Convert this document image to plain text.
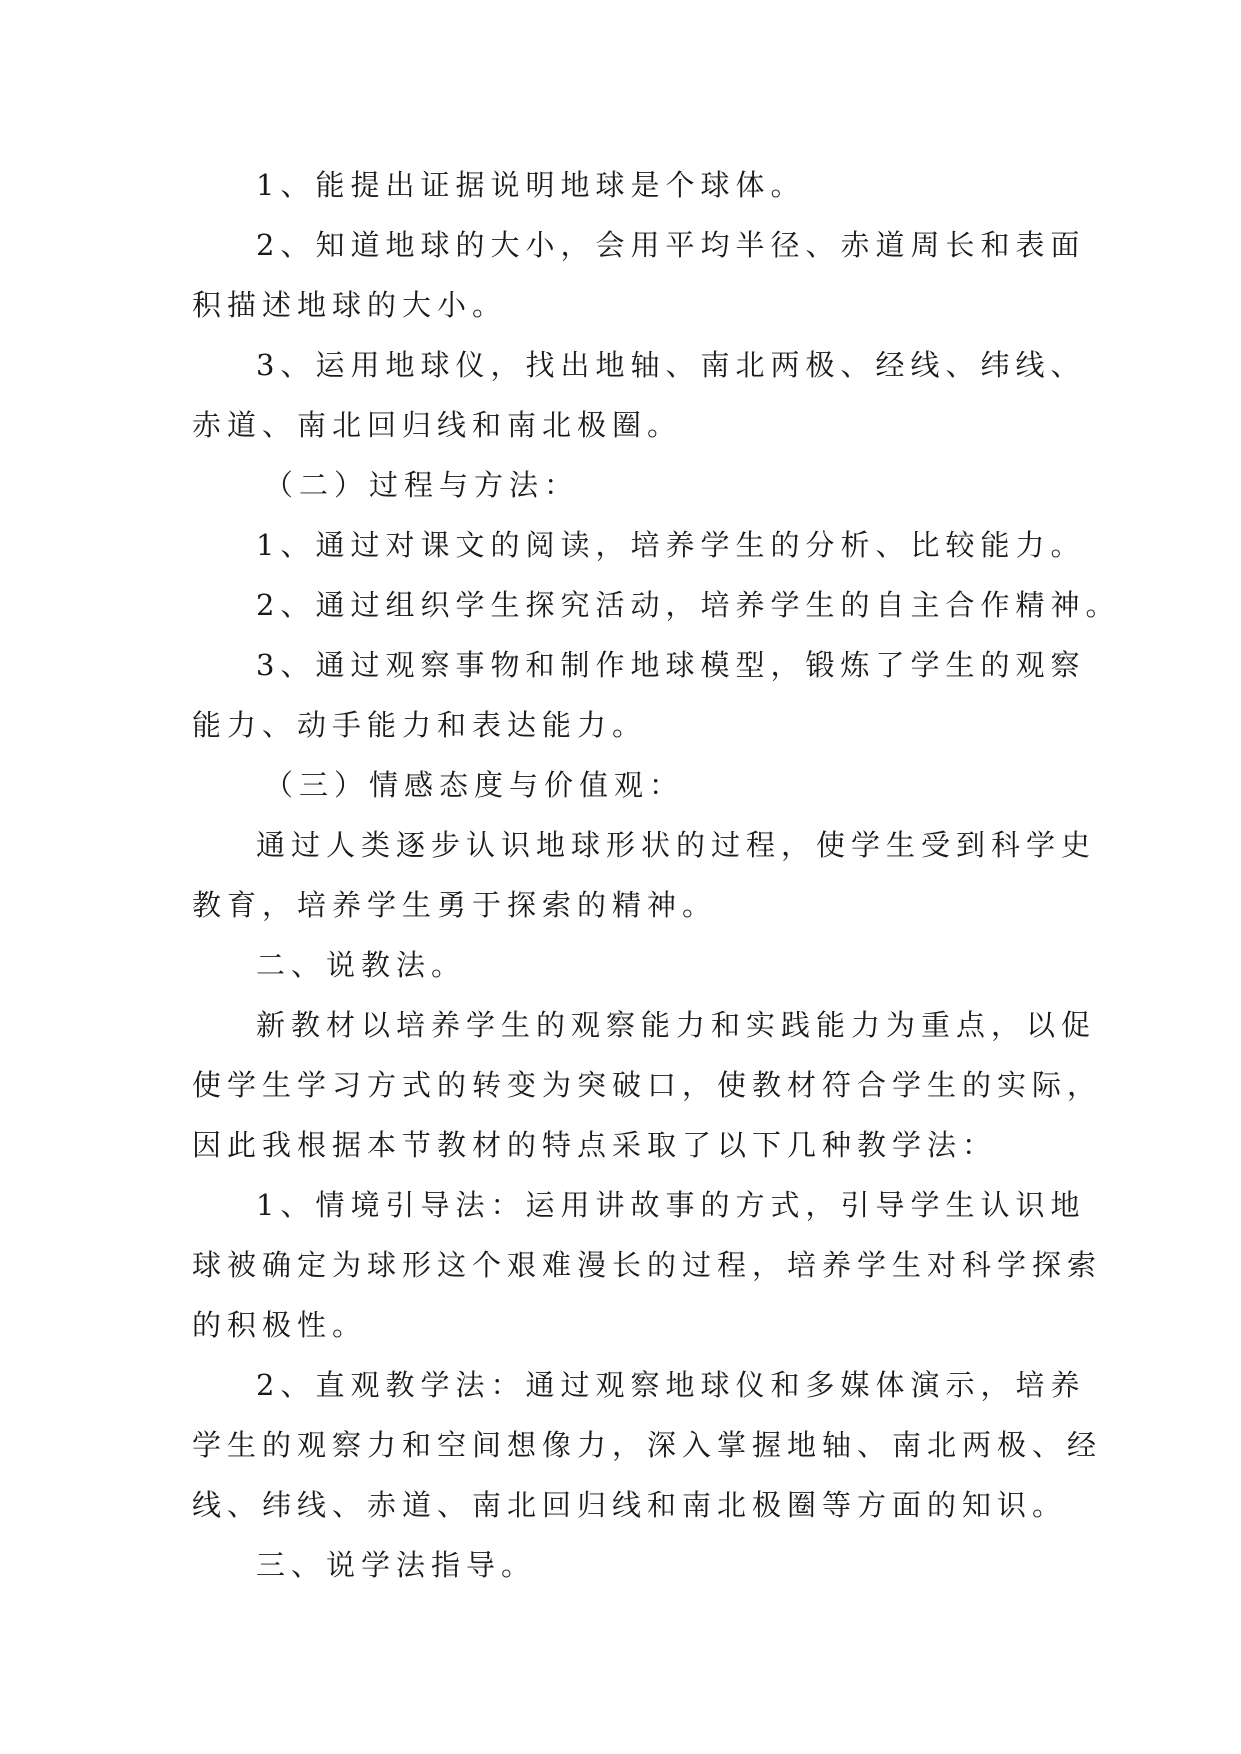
1、能提出证据说明地球是个球体。
2、知道地球的大小，会用平均半径、赤道周长和表面
积描述地球的大小。
3、运用地球仪，找出地轴、南北两极、经线、纬线、
赤道、南北回归线和南北极圈。
（二）过程与方法：
1、通过对课文的阅读，培养学生的分析、比较能力。
2、通过组织学生探究活动，培养学生的自主合作精神。
3、通过观察事物和制作地球模型，锻炼了学生的观察
能力、动手能力和表达能力。
（三）情感态度与价值观：
通过人类逐步认识地球形状的过程，使学生受到科学史
教育，培养学生勇于探索的精神。
二、说教法。
新教材以培养学生的观察能力和实践能力为重点，以促
使学生学习方式的转变为突破口，使教材符合学生的实际，
因此我根据本节教材的特点采取了以下几种教学法：
1、情境引导法：运用讲故事的方式，引导学生认识地
球被确定为球形这个艰难漫长的过程，培养学生对科学探索
的积极性。
2、直观教学法：通过观察地球仪和多媒体演示，培养
学生的观察力和空间想像力，深入掌握地轴、南北两极、经
线、纬线、赤道、南北回归线和南北极圈等方面的知识。
三、说学法指导。
